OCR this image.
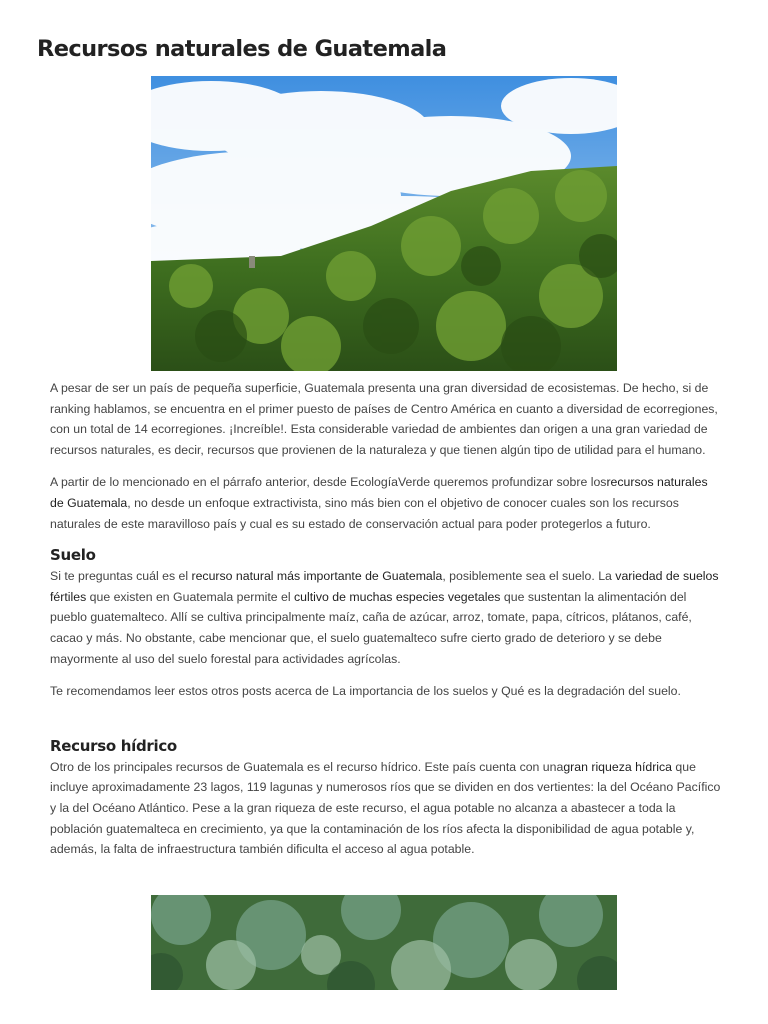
Recursos naturales de Guatemala

A pesar de ser un país de pequeña superficie, Guatemala presenta una gran diversidad de ecosistemas. De hecho, si de ranking hablamos, se encuentra en el primer puesto de países de Centro América en cuanto a diversidad de ecorregiones, con un total de 14 ecorregiones. ¡Increíble!. Esta considerable variedad de ambientes dan origen a una gran variedad de recursos naturales, es decir, recursos que provienen de la naturaleza y que tienen algún tipo de utilidad para el humano.

A partir de lo mencionado en el párrafo anterior, desde EcologíaVerde queremos profundizar sobre losrecursos naturales de Guatemala, no desde un enfoque extractivista, sino más bien con el objetivo de conocer cuales son los recursos naturales de este maravilloso país y cual es su estado de conservación actual para poder protegerlos a futuro.

Suelo

Si te preguntas cuál es el recurso natural más importante de Guatemala, posiblemente sea el suelo. La variedad de suelos fértiles que existen en Guatemala permite el cultivo de muchas especies vegetales que sustentan la alimentación del pueblo guatemalteco. Allí se cultiva principalmente maíz, caña de azúcar, arroz, tomate, papa, cítricos, plátanos, café, cacao y más. No obstante, cabe mencionar que, el suelo guatemalteco sufre cierto grado de deterioro y se debe mayormente al uso del suelo forestal para actividades agrícolas.

Te recomendamos leer estos otros posts acerca de La importancia de los suelos y Qué es la degradación del suelo.

Recurso hídrico

Otro de los principales recursos de Guatemala es el recurso hídrico. Este país cuenta con unagran riqueza hídrica que incluye aproximadamente 23 lagos, 119 lagunas y numerosos ríos que se dividen en dos vertientes: la del Océano Pacífico y la del Océano Atlántico. Pese a la gran riqueza de este recurso, el agua potable no alcanza a abastecer a toda la población guatemalteca en crecimiento, ya que la contaminación de los ríos afecta la disponibilidad de agua potable y, además, la falta de infraestructura también dificulta el acceso al agua potable.
